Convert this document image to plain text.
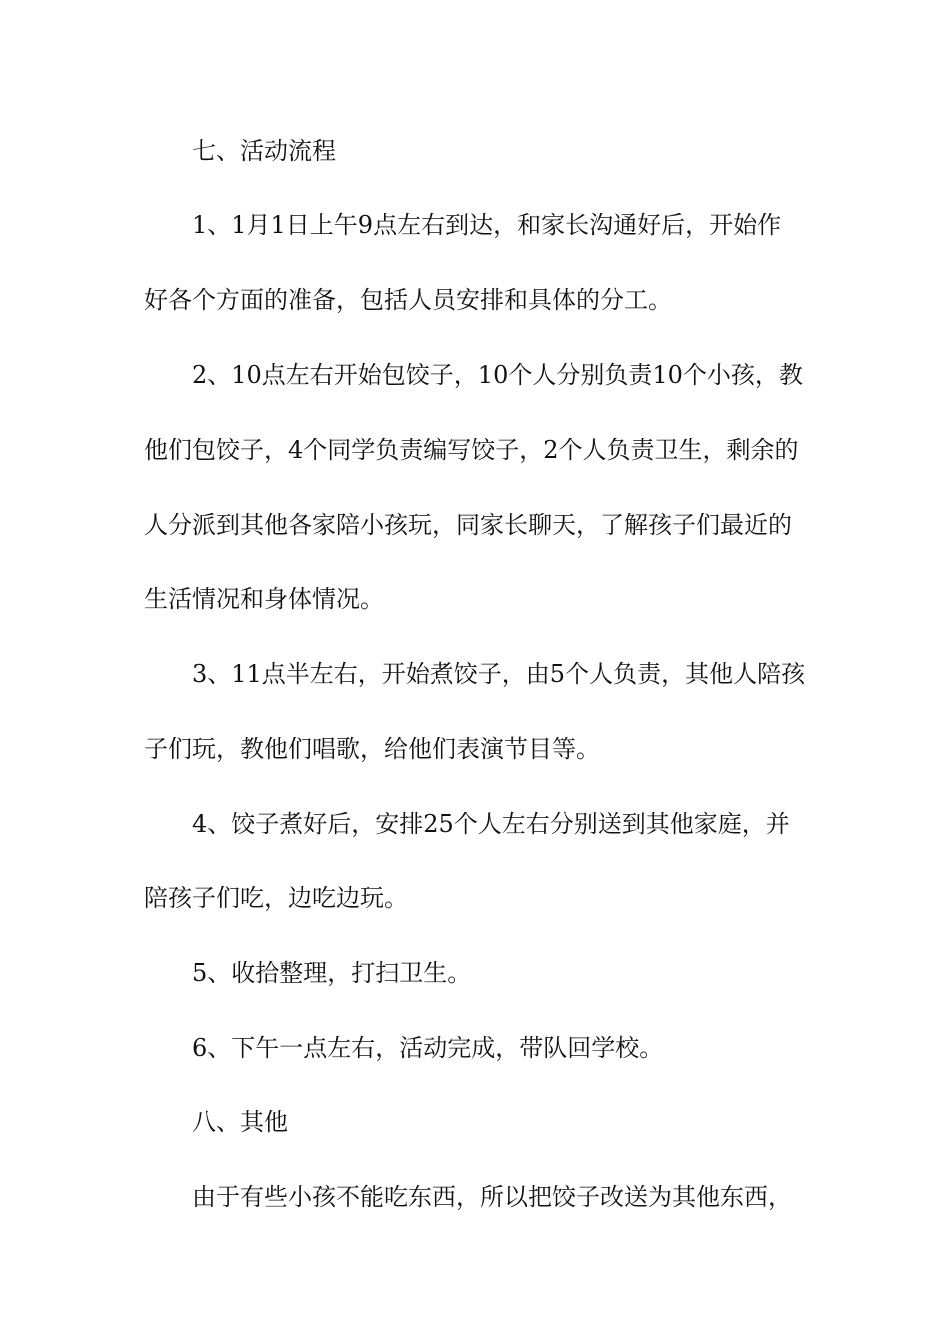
七、活动流程
1、1月1日上午9点左右到达，和家长沟通好后，开始作
好各个方面的准备，包括人员安排和具体的分工。
2、10点左右开始包饺子，10个人分别负责10个小孩，教
他们包饺子，4个同学负责编写饺子，2个人负责卫生，剩余的
人分派到其他各家陪小孩玩，同家长聊天，了解孩子们最近的
生活情况和身体情况。
3、11点半左右，开始煮饺子，由5个人负责，其他人陪孩
子们玩，教他们唱歌，给他们表演节目等。
4、饺子煮好后，安排25个人左右分别送到其他家庭，并
陪孩子们吃，边吃边玩。
5、收拾整理，打扫卫生。
6、下午一点左右，活动完成，带队回学校。
八、其他
由于有些小孩不能吃东西，所以把饺子改送为其他东西，
